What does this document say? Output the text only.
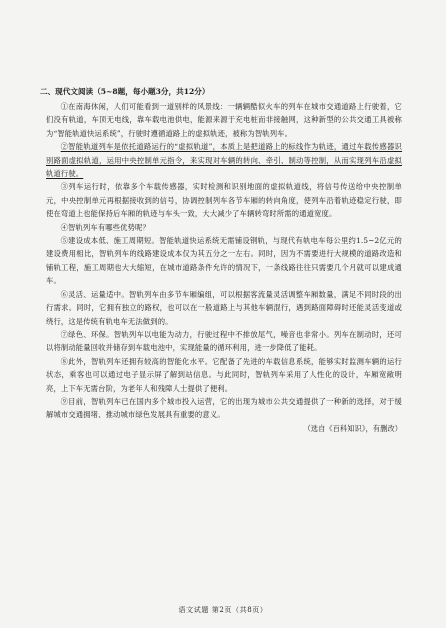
二、现代文阅读（5~8题，每小题3分，共12分）

①在南海休闲，人们可能看到一道别样的风景线：一辆辆酷似火车的列车在城市交通道路上行驶着，它们没有轨道，车顶无电线，靠车载电池供电，能源来源于充电桩而非接触网，这种新型的公共交通工具被称为“智能轨道快运系统”，行驶时遵循道路上的虚拟轨迹，被称为智轨列车。

②智能轨道列车是依托道路运行的“虚拟轨道”，本质上是把道路上的标线作为轨迹，通过车载传感器识别路面虚拟轨道，运用中央控制单元指令，来实现对车辆的转向、牵引、制动等控制，从而实现列车沿虚拟轨道行驶。

③列车运行时，依靠多个车载传感器，实时检测和识别地面的虚拟轨道线，将信号传送给中央控制单元，中央控制单元再根据接收到的信号，协调控制列车各节车厢的转向角度，使列车沿着轨迹稳定行驶，即使在弯道上也能保持后车厢的轨迹与车头一致，大大减少了车辆转弯时所需的通道宽度。

④智轨列车有哪些优势呢？

⑤建设成本低、施工周期短。智能轨道快运系统无需铺设钢轨，与现代有轨电车每公里约1.5~2亿元的建设费用相比，智轨列车的线路建设成本仅为其五分之一左右。同时，因为不需要进行大规模的道路改造和铺轨工程，施工周期也大大缩短，在城市道路条件允许的情况下，一条线路往往只需要几个月就可以建成通车。

⑥灵活、运量适中。智轨列车由多节车厢编组，可以根据客流量灵活调整车厢数量，满足不同时段的出行需求。同时，它拥有独立的路权，也可以在一般道路上与其他车辆混行，遇到路面障碍时还能灵活变道或绕行，这是传统有轨电车无法做到的。

⑦绿色、环保。智轨列车以电能为动力，行驶过程中不排放尾气，噪音也非常小。列车在制动时，还可以将制动能量回收并储存到车载电池中，实现能量的循环利用，进一步降低了能耗。

⑧此外，智轨列车还拥有较高的智能化水平。它配备了先进的车载信息系统，能够实时监测车辆的运行状态，乘客也可以通过电子显示屏了解到站信息。与此同时，智轨列车采用了人性化的设计，车厢宽敞明亮，上下车无需台阶，为老年人和残障人士提供了便利。

⑨目前，智轨列车已在国内多个城市投入运营，它的出现为城市公共交通提供了一种新的选择，对于缓解城市交通拥堵、推动城市绿色发展具有重要的意义。

（选自《百科知识》，有删改）

语文试题 第2页（共8页）
